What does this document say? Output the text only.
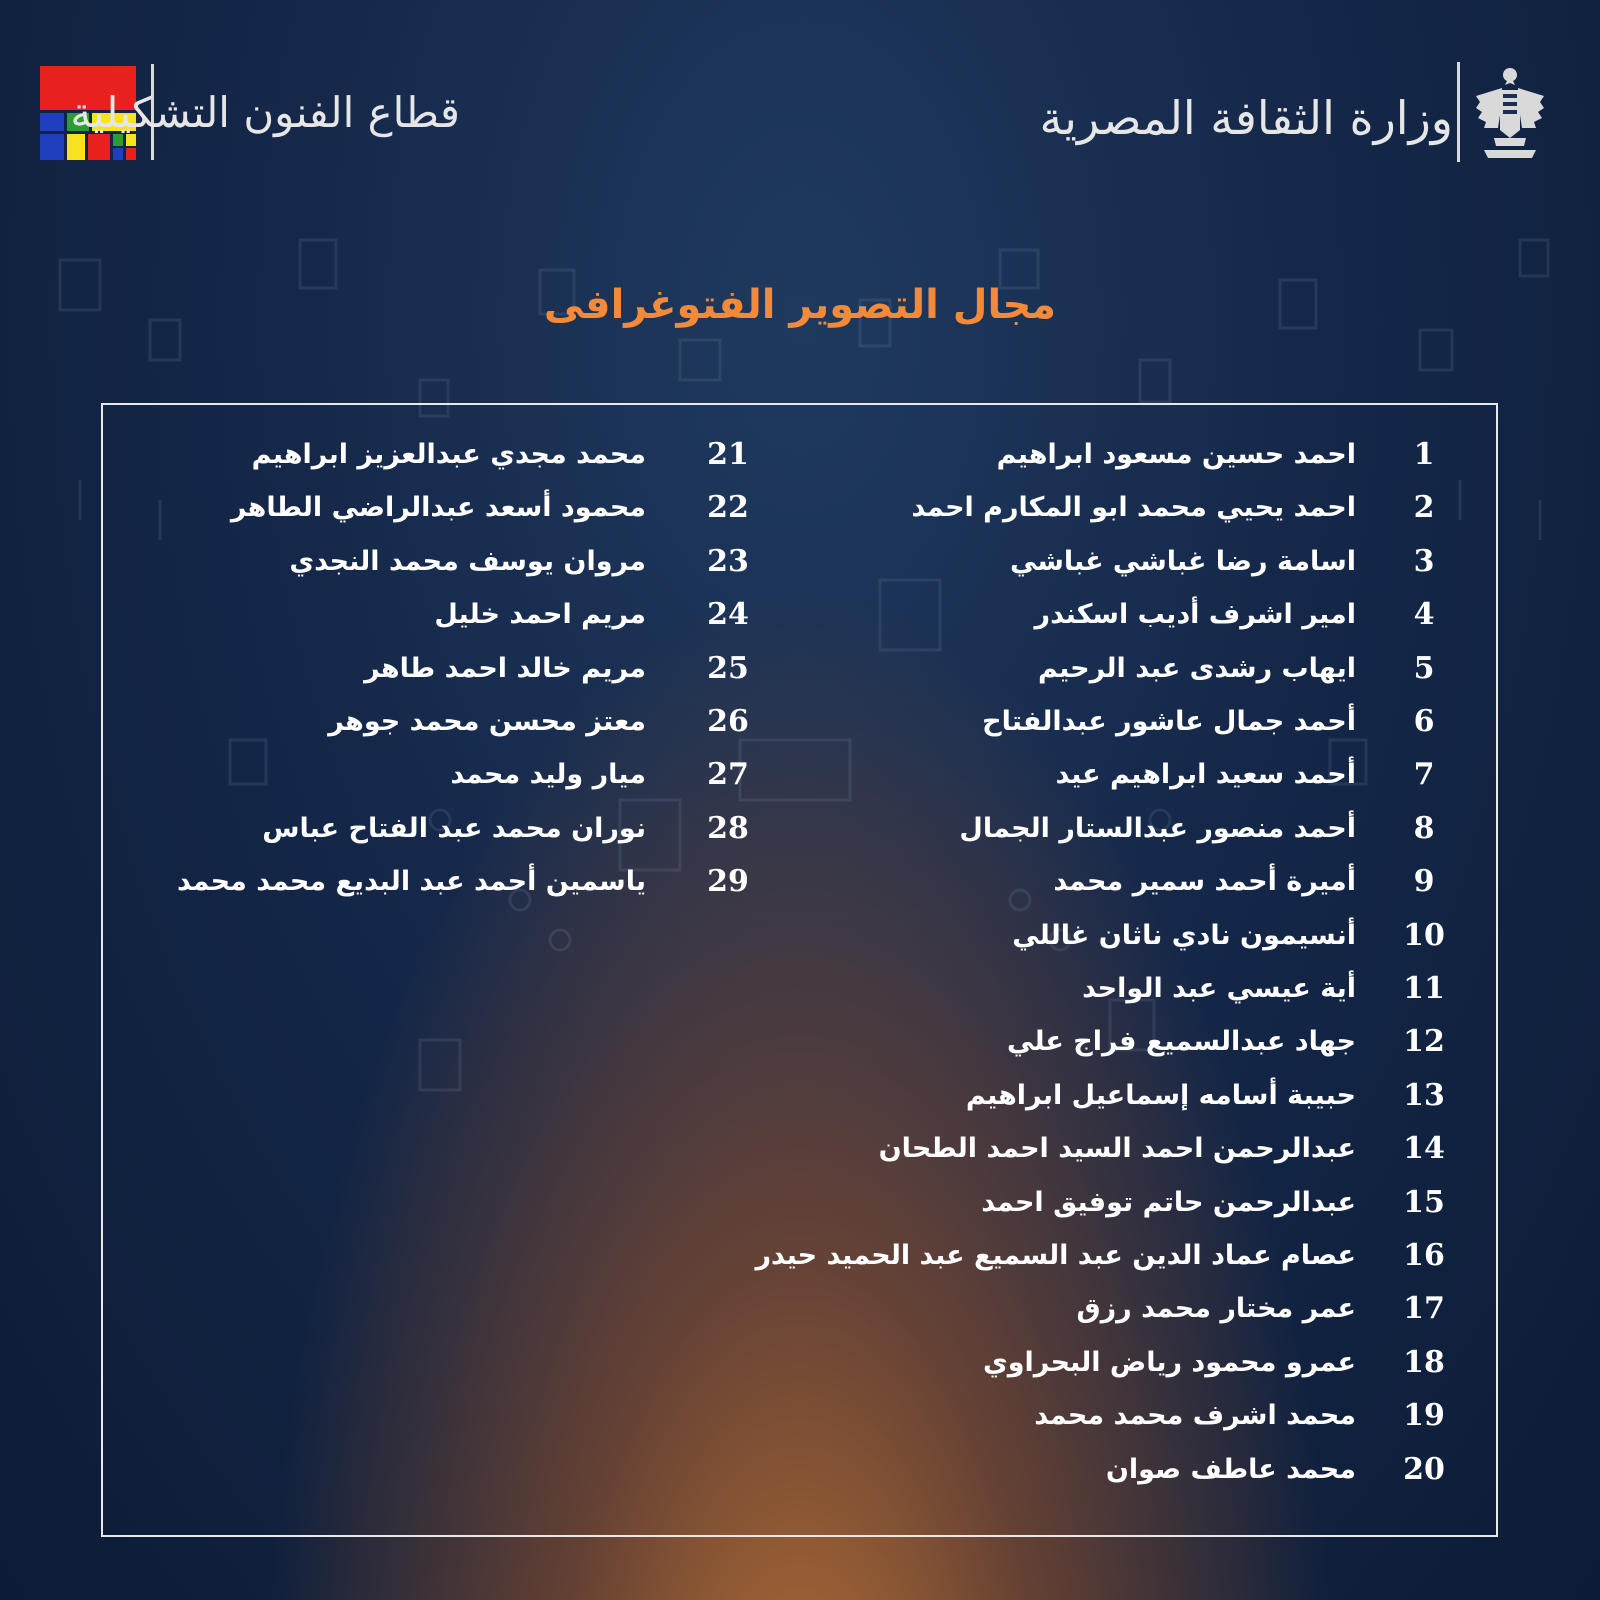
قطاع الفنون التشكيلية	وزارة الثقافة المصرية
مجال التصوير الفتوغرافى
1
احمد حسين مسعود ابراهيم
2
احمد يحيي محمد ابو المكارم احمد
3
اسامة رضا غباشي غباشي
4
امير اشرف أديب اسكندر
5
ايهاب رشدى عبد الرحيم
6
أحمد جمال عاشور عبدالفتاح
7
أحمد سعيد ابراهيم عيد
8
أحمد منصور عبدالستار الجمال
9
أميرة أحمد سمير محمد
10
أنسيمون نادي ناثان غاللي
11
أية عيسي عبد الواحد
12
جهاد عبدالسميع فراج علي
13
حبيبة أسامه إسماعيل ابراهيم
14
عبدالرحمن احمد السيد احمد الطحان
15
عبدالرحمن حاتم توفيق احمد
16
عصام عماد الدين عبد السميع عبد الحميد حيدر
17
عمر مختار محمد رزق
18
عمرو محمود رياض البحراوي
19
محمد اشرف محمد محمد
20
محمد عاطف صوان
21
محمد مجدي عبدالعزيز ابراهيم
22
محمود أسعد عبدالراضي الطاهر
23
مروان يوسف محمد النجدي
24
مريم احمد خليل
25
مريم خالد احمد طاهر
26
معتز محسن محمد جوهر
27
ميار وليد محمد
28
نوران محمد عبد الفتاح عباس
29
ياسمين أحمد عبد البديع محمد محمد
